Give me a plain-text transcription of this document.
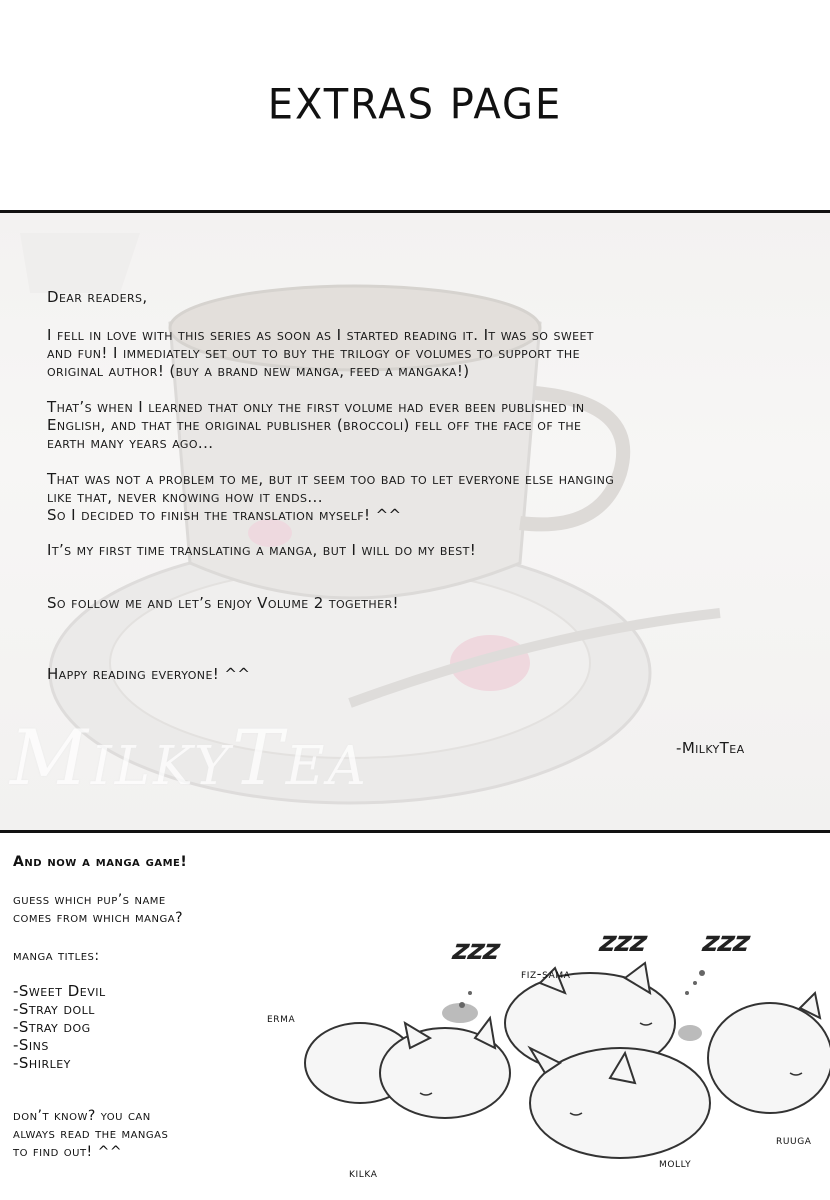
EXTRAS PAGE
MilkyTea
Dear readers,
I fell in love with this series as soon as I started reading it. It was so sweet
and fun! I immediately set out to buy the trilogy of volumes to support the
original author! (buy a brand new manga, feed a mangaka!)
That’s when I learned that only the first volume had ever been published in
English, and that the original publisher (broccoli) fell off the face of the
earth many years ago...
That was not a problem to me, but it seem too bad to let everyone else hanging
like that, never knowing how it ends...
So I decided to finish the translation myself! ^^
It’s my first time translating a manga, but I will do my best!
So follow me and let’s enjoy Volume 2 together!
Happy reading everyone! ^^
-MilkyTea
And now a manga game!
guess which pup’s name
comes from which manga?
manga titles:
-Sweet Devil
-Stray doll
-Stray dog
-Sins
-Shirley
don’t know? you can
always read the mangas
to find out! ^^
zzz	zzz zzz
erma
fiz-sama
kilka
molly
ruuga
